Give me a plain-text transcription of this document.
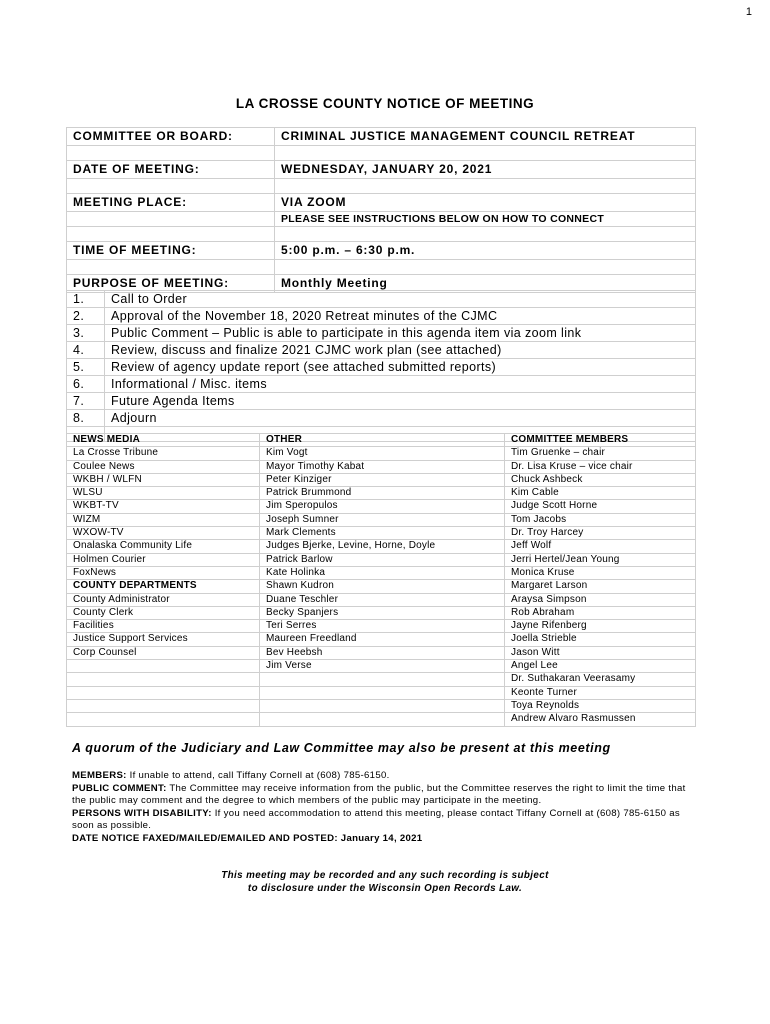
1
LA CROSSE COUNTY NOTICE OF MEETING
COMMITTEE OR BOARD:	CRIMINAL JUSTICE MANAGEMENT COUNCIL RETREAT

DATE OF MEETING:	WEDNESDAY, JANUARY 20, 2021

MEETING PLACE:	VIA ZOOM
	PLEASE SEE INSTRUCTIONS BELOW ON HOW TO CONNECT

TIME OF MEETING:	5:00 p.m. – 6:30 p.m.

PURPOSE OF MEETING:	Monthly Meeting
1.	Call to Order
2.	Approval of the November 18, 2020 Retreat minutes of the CJMC
3.	Public Comment – Public is able to participate in this agenda item via zoom link
4.	Review, discuss and finalize 2021 CJMC work plan (see attached)
5.	Review of agency update report (see attached submitted reports)
6.	Informational / Misc. items
7.	Future Agenda Items
8.	Adjourn

NEWS MEDIA	OTHER	COMMITTEE MEMBERS
La Crosse Tribune	Kim Vogt	Tim Gruenke – chair
Coulee News	Mayor Timothy Kabat	Dr. Lisa Kruse – vice chair
WKBH / WLFN	Peter Kinziger	Chuck Ashbeck
WLSU	Patrick Brummond	Kim Cable
WKBT-TV	Jim Speropulos	Judge Scott Horne
WIZM	Joseph Sumner	Tom Jacobs
WXOW-TV	Mark Clements	Dr. Troy Harcey
Onalaska Community Life	Judges Bjerke, Levine, Horne, Doyle	Jeff Wolf
Holmen Courier	Patrick Barlow	Jerri Hertel/Jean Young
FoxNews	Kate Holinka	Monica Kruse
COUNTY DEPARTMENTS	Shawn Kudron	Margaret Larson
County Administrator	Duane Teschler	Araysa Simpson
County Clerk	Becky Spanjers	Rob Abraham
Facilities	Teri Serres	Jayne Rifenberg
Justice Support Services	Maureen Freedland	Joella Strieble
Corp Counsel	Bev Heebsh	Jason Witt
	Jim Verse	Angel Lee
		Dr. Suthakaran Veerasamy
		Keonte Turner
		Toya Reynolds
		Andrew Alvaro Rasmussen
A quorum of the Judiciary and Law Committee may also be present at this meeting

MEMBERS: If unable to attend, call Tiffany Cornell at (608) 785-6150.

PUBLIC COMMENT: The Committee may receive information from the public, but the Committee reserves the right to limit the time that the public may comment and the degree to which members of the public may participate in the meeting.

PERSONS WITH DISABILITY: If you need accommodation to attend this meeting, please contact Tiffany Cornell at (608) 785-6150 as soon as possible.

DATE NOTICE FAXED/MAILED/EMAILED AND POSTED: January 14, 2021

This meeting may be recorded and any such recording is subject
to disclosure under the Wisconsin Open Records Law.
